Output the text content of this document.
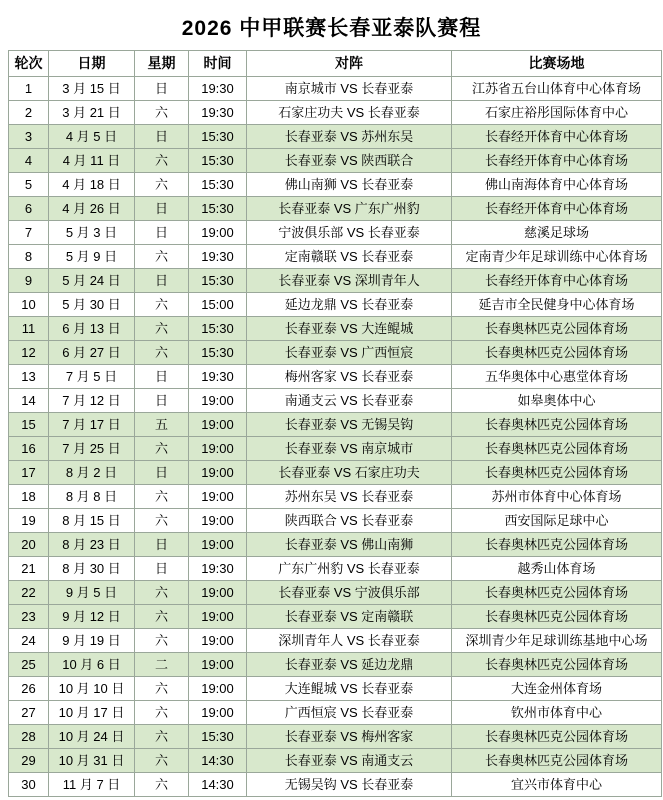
2026 中甲联赛长春亚泰队赛程
轮次	日期	星期	时间	对阵	比赛场地
1	3 月 15 日	日	19:30	南京城市 VS 长春亚泰	江苏省五台山体育中心体育场
2	3 月 21 日	六	19:30	石家庄功夫 VS 长春亚泰	石家庄裕彤国际体育中心
3	4 月 5 日	日	15:30	长春亚泰 VS 苏州东吴	长春经开体育中心体育场
4	4 月 11 日	六	15:30	长春亚泰 VS 陕西联合	长春经开体育中心体育场
5	4 月 18 日	六	15:30	佛山南狮 VS 长春亚泰	佛山南海体育中心体育场
6	4 月 26 日	日	15:30	长春亚泰 VS 广东广州豹	长春经开体育中心体育场
7	5 月 3 日	日	19:00	宁波俱乐部 VS 长春亚泰	慈溪足球场
8	5 月 9 日	六	19:30	定南赣联 VS 长春亚泰	定南青少年足球训练中心体育场
9	5 月 24 日	日	15:30	长春亚泰 VS 深圳青年人	长春经开体育中心体育场
10	5 月 30 日	六	15:00	延边龙鼎 VS 长春亚泰	延吉市全民健身中心体育场
11	6 月 13 日	六	15:30	长春亚泰 VS 大连鲲城	长春奥林匹克公园体育场
12	6 月 27 日	六	15:30	长春亚泰 VS 广西恒宸	长春奥林匹克公园体育场
13	7 月 5 日	日	19:30	梅州客家 VS 长春亚泰	五华奥体中心惠堂体育场
14	7 月 12 日	日	19:00	南通支云 VS 长春亚泰	如皋奥体中心
15	7 月 17 日	五	19:00	长春亚泰 VS 无锡吴钩	长春奥林匹克公园体育场
16	7 月 25 日	六	19:00	长春亚泰 VS 南京城市	长春奥林匹克公园体育场
17	8 月 2 日	日	19:00	长春亚泰 VS 石家庄功夫	长春奥林匹克公园体育场
18	8 月 8 日	六	19:00	苏州东吴 VS 长春亚泰	苏州市体育中心体育场
19	8 月 15 日	六	19:00	陕西联合 VS 长春亚泰	西安国际足球中心
20	8 月 23 日	日	19:00	长春亚泰 VS 佛山南狮	长春奥林匹克公园体育场
21	8 月 30 日	日	19:30	广东广州豹 VS 长春亚泰	越秀山体育场
22	9 月 5 日	六	19:00	长春亚泰 VS 宁波俱乐部	长春奥林匹克公园体育场
23	9 月 12 日	六	19:00	长春亚泰 VS 定南赣联	长春奥林匹克公园体育场
24	9 月 19 日	六	19:00	深圳青年人 VS 长春亚泰	深圳青少年足球训练基地中心场
25	10 月 6 日	二	19:00	长春亚泰 VS 延边龙鼎	长春奥林匹克公园体育场
26	10 月 10 日	六	19:00	大连鲲城 VS 长春亚泰	大连金州体育场
27	10 月 17 日	六	19:00	广西恒宸 VS 长春亚泰	钦州市体育中心
28	10 月 24 日	六	15:30	长春亚泰 VS 梅州客家	长春奥林匹克公园体育场
29	10 月 31 日	六	14:30	长春亚泰 VS 南通支云	长春奥林匹克公园体育场
30	11 月 7 日	六	14:30	无锡吴钩 VS 长春亚泰	宜兴市体育中心
